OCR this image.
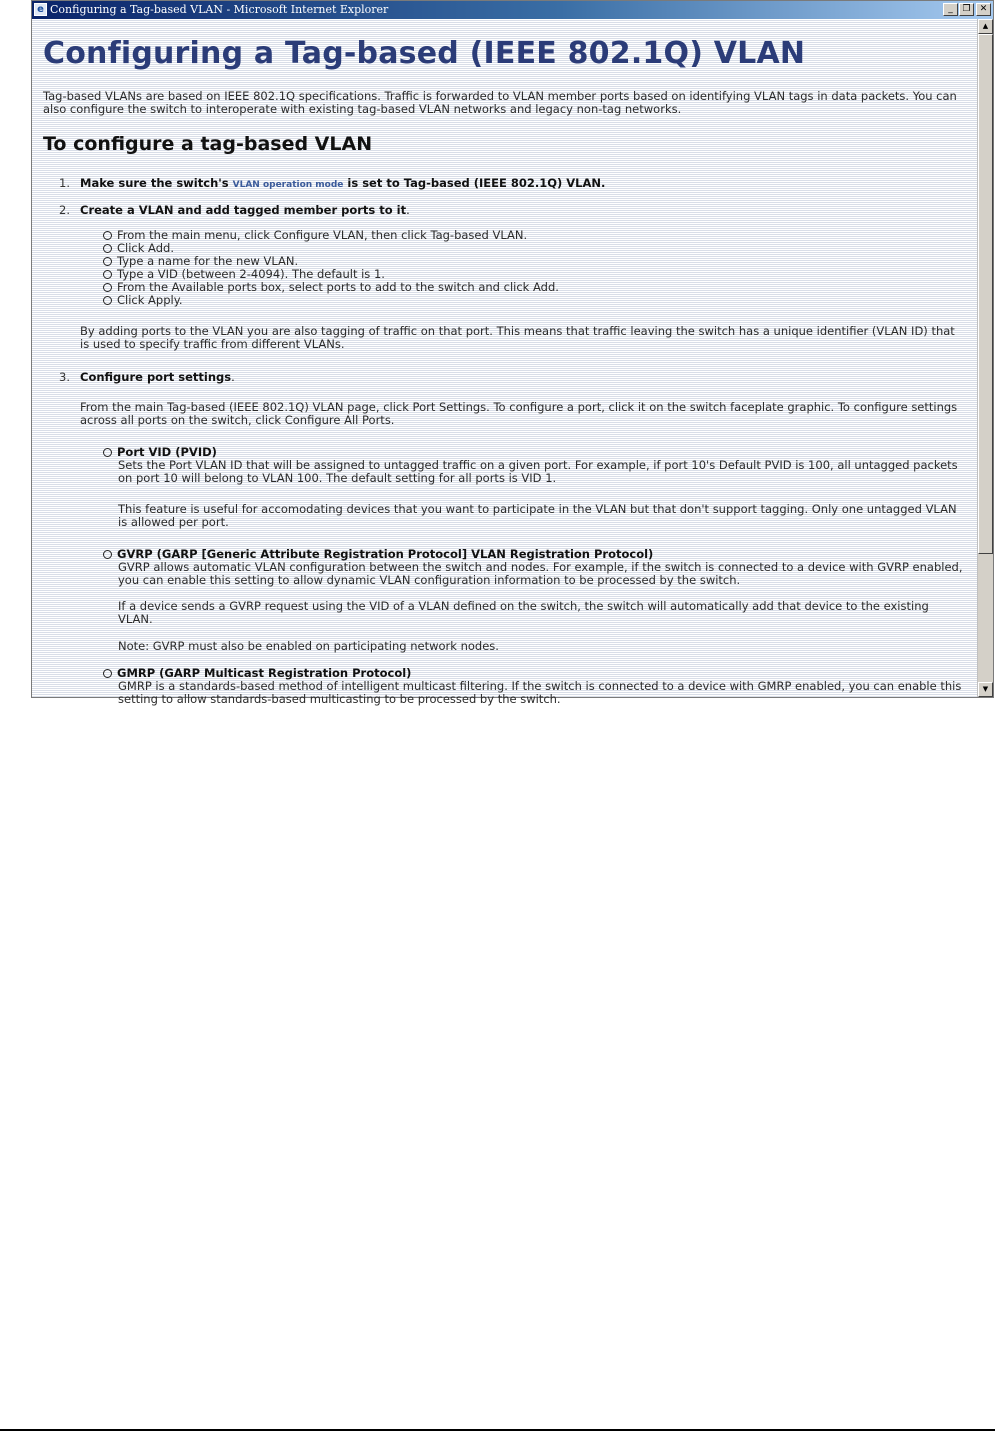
e Configuring a Tag-based VLAN - Microsoft Internet Explorer	_	❐	✕
Configuring a Tag-based (IEEE 802.1Q) VLAN
Tag-based VLANs are based on IEEE 802.1Q specifications. Traffic is forwarded to VLAN member ports based on identifying VLAN tags in data packets. You can also configure the switch to interoperate with existing tag-based VLAN networks and legacy non-tag networks.
To configure a tag-based VLAN
1. Make sure the switch's VLAN operation mode is set to Tag-based (IEEE 802.1Q) VLAN.
2. Create a VLAN and add tagged member ports to it.
From the main menu, click Configure VLAN, then click Tag-based VLAN.
Click Add.
Type a name for the new VLAN.
Type a VID (between 2-4094). The default is 1.
From the Available ports box, select ports to add to the switch and click Add.
Click Apply.
By adding ports to the VLAN you are also tagging of traffic on that port. This means that traffic leaving the switch has a unique identifier (VLAN ID) that is used to specify traffic from different VLANs.
3. Configure port settings.
From the main Tag-based (IEEE 802.1Q) VLAN page, click Port Settings. To configure a port, click it on the switch faceplate graphic. To configure settings across all ports on the switch, click Configure All Ports.
Port VID (PVID)
Sets the Port VLAN ID that will be assigned to untagged traffic on a given port. For example, if port 10's Default PVID is 100, all untagged packets on port 10 will belong to VLAN 100. The default setting for all ports is VID 1.
This feature is useful for accomodating devices that you want to participate in the VLAN but that don't support tagging. Only one untagged VLAN is allowed per port.
GVRP (GARP [Generic Attribute Registration Protocol] VLAN Registration Protocol)
GVRP allows automatic VLAN configuration between the switch and nodes. For example, if the switch is connected to a device with GVRP enabled, you can enable this setting to allow dynamic VLAN configuration information to be processed by the switch.
If a device sends a GVRP request using the VID of a VLAN defined on the switch, the switch will automatically add that device to the existing VLAN.
Note: GVRP must also be enabled on participating network nodes.
GMRP (GARP Multicast Registration Protocol)
GMRP is a standards-based method of intelligent multicast filtering. If the switch is connected to a device with GMRP enabled, you can enable this setting to allow standards-based multicasting to be processed by the switch.
▲
▼
